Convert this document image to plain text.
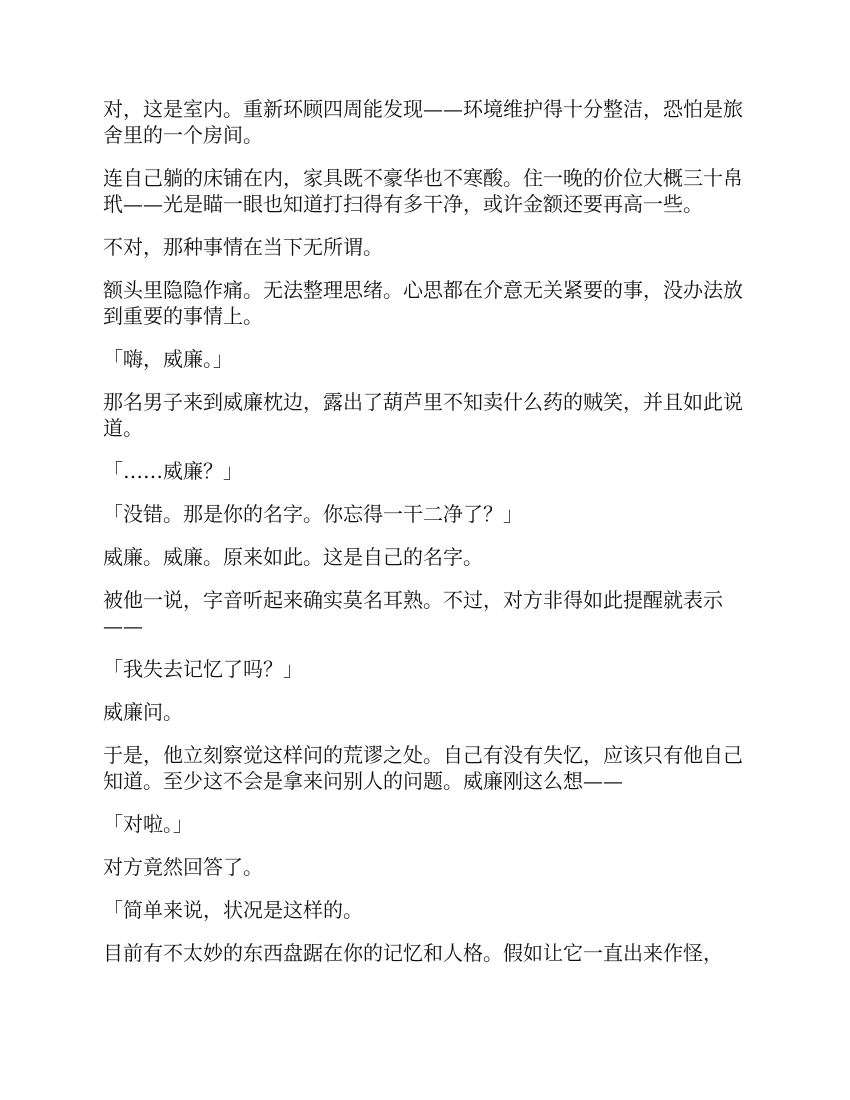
对，这是室内。重新环顾四周能发现——环境维护得十分整洁，恐怕是旅舍里的一个房间。

连自己躺的床铺在内，家具既不豪华也不寒酸。住一晚的价位大概三十帛玳——光是瞄一眼也知道打扫得有多干净，或许金额还要再高一些。

不对，那种事情在当下无所谓。

额头里隐隐作痛。无法整理思绪。心思都在介意无关紧要的事，没办法放到重要的事情上。

「嗨，威廉。」

那名男子来到威廉枕边，露出了葫芦里不知卖什么药的贼笑，并且如此说道。

「……威廉？」

「没错。那是你的名字。你忘得一干二净了？」

威廉。威廉。原来如此。这是自己的名字。

被他一说，字音听起来确实莫名耳熟。不过，对方非得如此提醒就表示——

「我失去记忆了吗？」

威廉问。

于是，他立刻察觉这样问的荒谬之处。自己有没有失忆，应该只有他自己知道。至少这不会是拿来问别人的问题。威廉刚这么想——

「对啦。」

对方竟然回答了。

「简单来说，状况是这样的。

目前有不太妙的东西盘踞在你的记忆和人格。假如让它一直出来作怪，
